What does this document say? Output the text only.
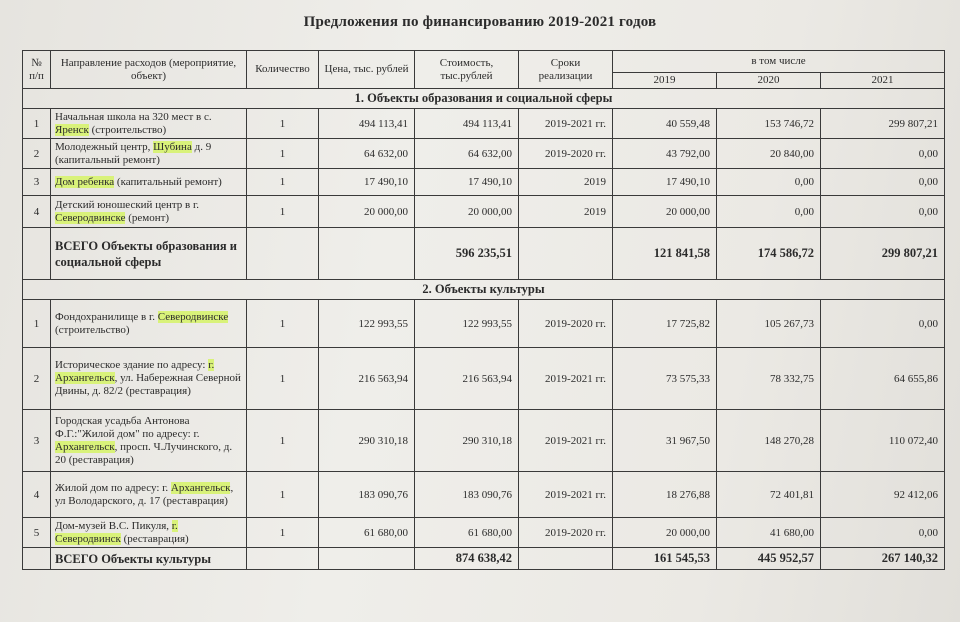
Предложения по финансированию 2019-2021 годов
№ п/п	Направление расходов (мероприятие, объект)	Количество	Цена, тыс. рублей	Стоимость, тыс.рублей	Сроки реализации	в том числе		
						2019	2020	2021
1. Объекты образования и социальной сферы								
1	Начальная школа на 320 мест в с. Яренск (строительство)	1	494 113,41	494 113,41	2019-2021 гг.	40 559,48	153 746,72	299 807,21
2	Молодежный центр, Шубина д. 9 (капитальный ремонт)	1	64 632,00	64 632,00	2019-2020 гг.	43 792,00	20 840,00	0,00
3	Дом ребенка (капитальный ремонт)	1	17 490,10	17 490,10	2019	17 490,10	0,00	0,00
4	Детский юношеский центр в г. Северодвинске (ремонт)	1	20 000,00	20 000,00	2019	20 000,00	0,00	0,00
	ВСЕГО Объекты образования и социальной сферы			596 235,51		121 841,58	174 586,72	299 807,21
2. Объекты культуры								
1	Фондохранилище в г. Северодвинске (строительство)	1	122 993,55	122 993,55	2019-2020 гг.	17 725,82	105 267,73	0,00
2	Историческое здание по адресу: г. Архангельск, ул. Набережная Северной Двины, д. 82/2 (реставрация)	1	216 563,94	216 563,94	2019-2021 гг.	73 575,33	78 332,75	64 655,86
3	Городская усадьба Антонова Ф.Г.:"Жилой дом" по адресу: г. Архангельск, просп. Ч.Лучинского, д. 20 (реставрация)	1	290 310,18	290 310,18	2019-2021 гг.	31 967,50	148 270,28	110 072,40
4	Жилой дом по адресу: г. Архангельск, ул Володарского, д. 17 (реставрация)	1	183 090,76	183 090,76	2019-2021 гг.	18 276,88	72 401,81	92 412,06
5	Дом-музей В.С. Пикуля, г. Северодвинск (реставрация)	1	61 680,00	61 680,00	2019-2020 гг.	20 000,00	41 680,00	0,00
	ВСЕГО Объекты культуры			874 638,42		161 545,53	445 952,57	267 140,32
